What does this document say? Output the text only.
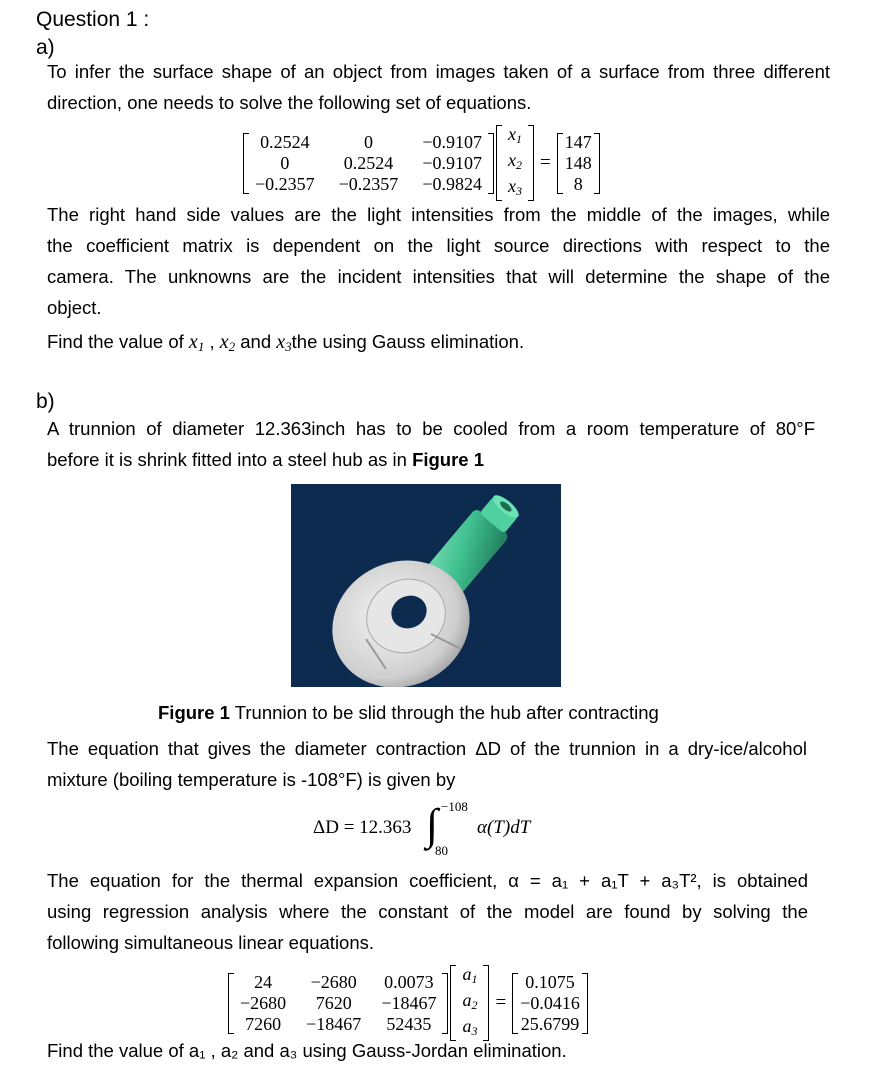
Question 1 :
a)
To infer the surface shape of an object from images taken of a surface from three different
direction, one needs to solve the following set of equations.
0.2524	0	−0.9107
0	0.2524	−0.9107
−0.2357	−0.2357	−0.9824
$x_1$
$x_2$
$x_3$
=
147
148
8
The right hand side values are the light intensities from the middle of the images, while
the coefficient matrix is dependent on the light source directions with respect to the
camera. The unknowns are the incident intensities that will determine the shape of the
object.
Find the value of $x_1$ , $x_2$ and $x_3the$ using Gauss elimination.
b)
A trunnion of diameter 12.363inch has to be cooled from a room temperature of 80°F
before it is shrink fitted into a steel hub as in Figure 1
Figure 1 Trunnion to be slid through the hub after contracting
The equation that gives the diameter contraction ΔD of the trunnion in a dry-ice/alcohol
mixture (boiling temperature is -108°F) is given by
ΔD = 12.363 ∫ −108
80
α(T)dT
The equation for the thermal expansion coefficient, α = a₁ + a₁T + a₃T², is obtained
using regression analysis where the constant of the model are found by solving the
following simultaneous linear equations.
24	−2680	0.0073
−2680	7620	−18467
7260	−18467	52435
$a_1$
$a_2$
$a_3$
=
0.1075
−0.0416
25.6799
Find the value of a₁ , a₂ and a₃ using Gauss-Jordan elimination.
